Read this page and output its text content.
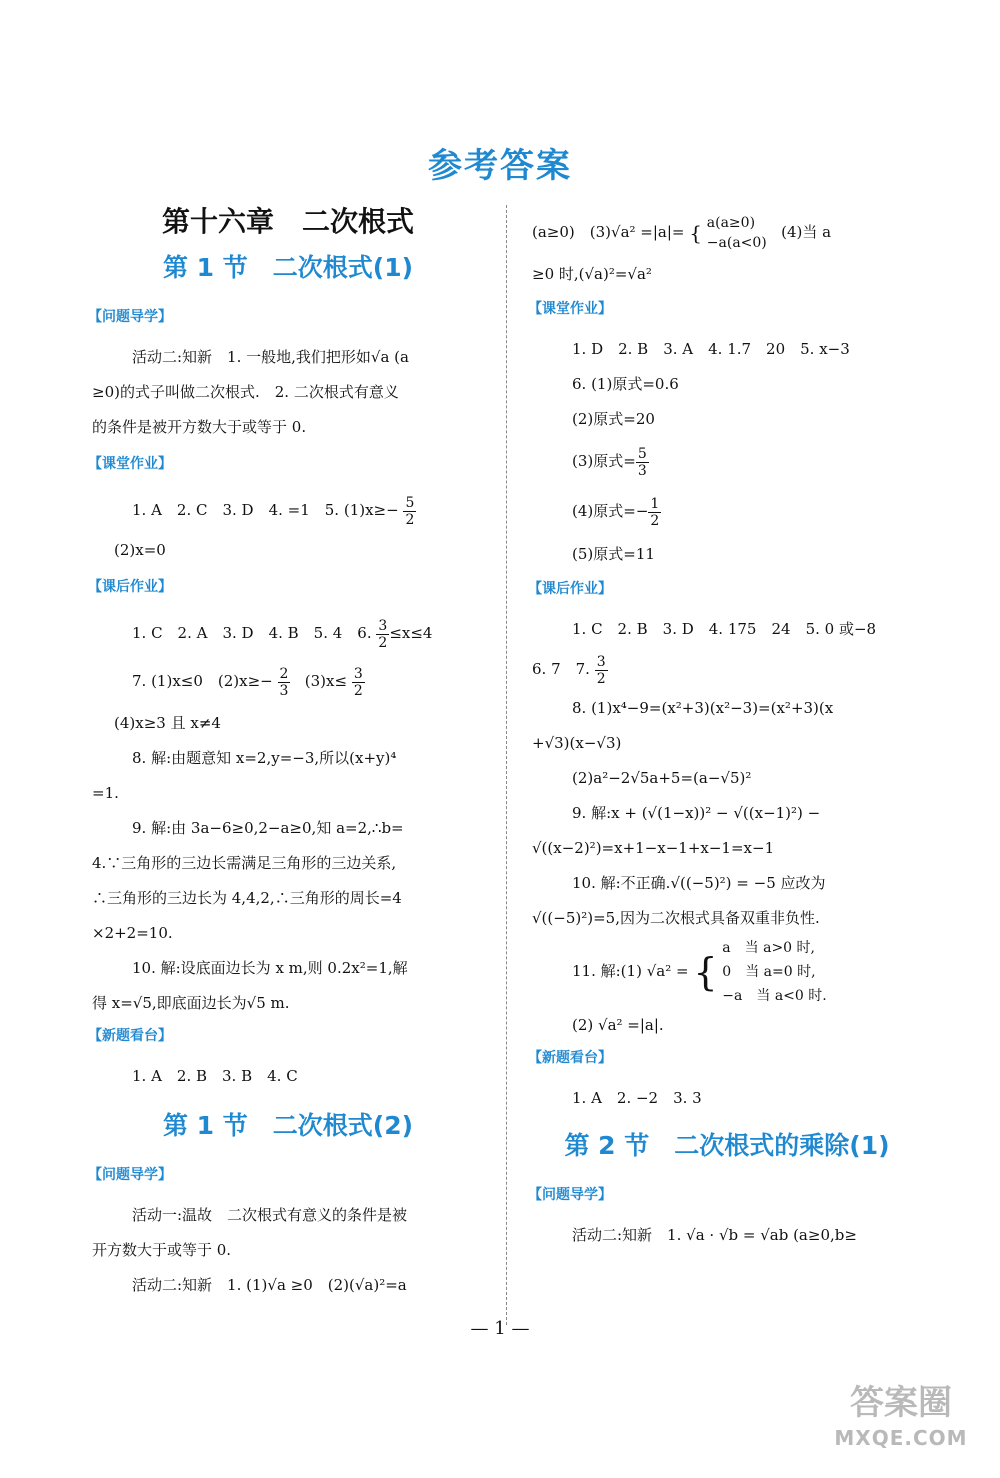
参考答案
第十六章　二次根式
第 1 节　二次根式(1)
【问题导学】

活动二:知新　1. 一般地,我们把形如√a (a

≥0)的式子叫做二次根式.　2. 二次根式有意义

的条件是被开方数大于或等于 0.

【课堂作业】

1. A　2. C　3. D　4. =1　5. $(1)x\ge- \frac{5}{2}$

(2)x=0

【课后作业】

1. C　2. A　3. D　4. B　5. 4　6. $\frac{3}{2} \le x\le 4$

7. (1)x≤0　$(2)x\ge- \frac{2}{3} (3)x\le \frac{3}{2}$

(4)x≥3 且 x≠4

8. 解:由题意知 x=2,y=−3,所以(x+y)⁴

=1.

9. 解:由 3a−6≥0,2−a≥0,知 a=2,∴b=

4.∵三角形的三边长需满足三角形的三边关系,

∴三角形的三边长为 4,4,2,∴三角形的周长=4

×2+2=10.

10. 解:设底面边长为 x m,则 0.2x²=1,解

得 x=√5,即底面边长为√5 m.

【新题看台】

1. A　2. B　3. B　4. C

第 1 节　二次根式(2)
【问题导学】

活动一:温故　二次根式有意义的条件是被

开方数大于或等于 0.

活动二:知新　1. (1)√a ≥0　(2)(√a)²=a

(a≥0)　(3)√a² =|a|= { a(a≥0)
−a(a<0)
(4)当 a

≥0 时,(√a)²=√a²

【课堂作业】

1. D　2. B　3. A　4. 1.7　20　5. x−3

6. (1)原式=0.6

(2)原式=20

(3)原式= $\frac{5}{3}$

(4)原式=− $\frac{1}{2}$

(5)原式=11

【课后作业】

1. C　2. B　3. D　4. 175　24　5. 0 或−8

6. 7　7. $\frac{3}{2}$

8. (1)x⁴−9=(x²+3)(x²−3)=(x²+3)(x

+√3)(x−√3)

(2)a²−2√5a+5=(a−√5)²

9. 解:x + (√(1−x))² − √((x−1)²) −

√((x−2)²)=x+1−x−1+x−1=x−1

10. 解:不正确.√((−5)²) = −5 应改为

√((−5)²)=5,因为二次根式具备双重非负性.

11. 解:(1) √a² = {
a　当 a>0 时,
0　当 a=0 时,
−a　当 a<0 时.

(2) √a² =|a|.

【新题看台】

1. A　2. −2　3. 3

第 2 节　二次根式的乘除(1)
【问题导学】

活动二:知新　1. √a · √b = √ab (a≥0,b≥

— 1 —
答案圈
MXQE.COM
